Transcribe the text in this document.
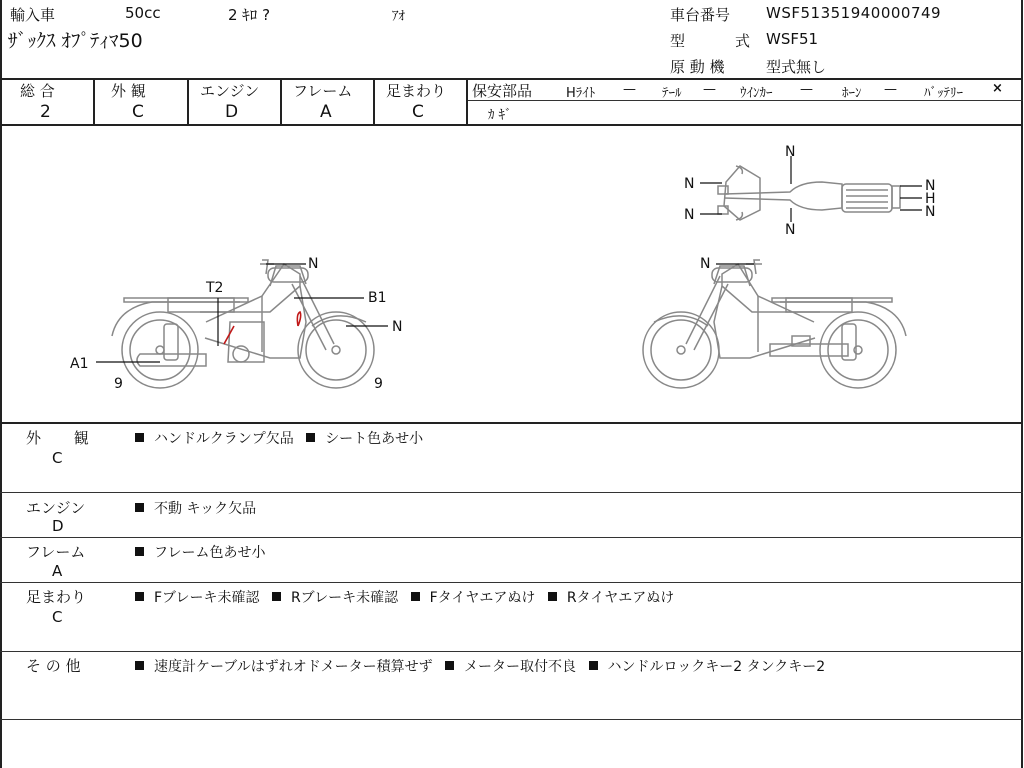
輸入車	50cc	2 ｷﾛ ?	ｱｵ
ｻﾞｯｸｽ ｵﾌﾟﾃｨﾏ50
車台番号 WSF51351940000749
型	式 WSF51
原 動 機	型式無し
総 合
2
外 観
C
エンジン
D
フレーム
A
足まわり
C
保安部品	Hﾗｲﾄ — ﾃｰﾙ — ｳｲﾝｶｰ — ﾎｰﾝ — ﾊﾞｯﾃﾘｰ ×
ｶ ｷﾞ
N
T2
B1
N
A1
9	9
N
N
N
N
N
N
H
N
外 観
C
ハンドルクランプ欠品 シート色あせ小
エンジン
D
不動 キック欠品
フレーム
A
フレーム色あせ小
足まわり
C
Fブレーキ未確認 Rブレーキ未確認 Fタイヤエアぬけ Rタイヤエアぬけ
そ の 他	速度計ケーブルはずれオドメーター積算せず メーター取付不良 ハンドルロックキー2 タンクキー2
